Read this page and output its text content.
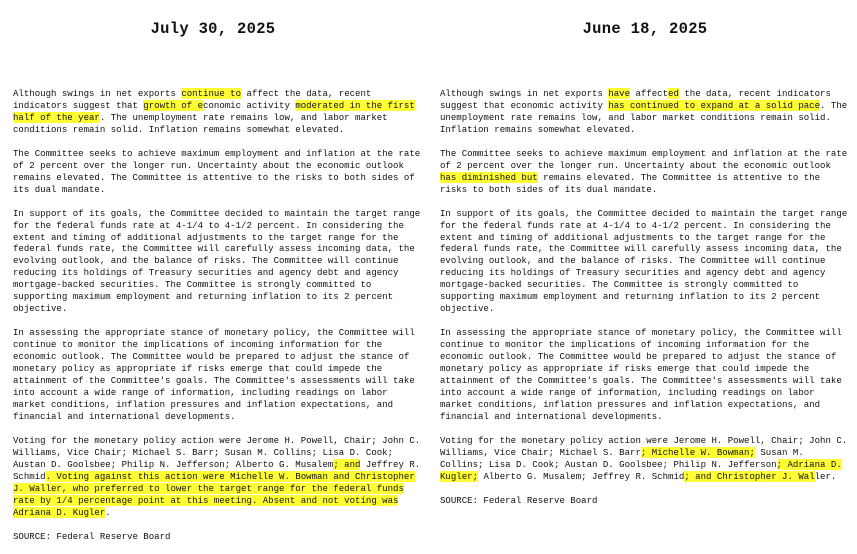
July 30, 2025

Although swings in net exports continue to affect the data, recent indicators suggest that growth of economic activity moderated in the first half of the year. The unemployment rate remains low, and labor market conditions remain solid. Inflation remains somewhat elevated.

The Committee seeks to achieve maximum employment and inflation at the rate of 2 percent over the longer run. Uncertainty about the economic outlook remains elevated. The Committee is attentive to the risks to both sides of its dual mandate.

In support of its goals, the Committee decided to maintain the target range for the federal funds rate at 4-1/4 to 4-1/2 percent. In considering the extent and timing of additional adjustments to the target range for the federal funds rate, the Committee will carefully assess incoming data, the evolving outlook, and the balance of risks. The Committee will continue reducing its holdings of Treasury securities and agency debt and agency mortgage-backed securities. The Committee is strongly committed to supporting maximum employment and returning inflation to its 2 percent objective.

In assessing the appropriate stance of monetary policy, the Committee will continue to monitor the implications of incoming information for the economic outlook. The Committee would be prepared to adjust the stance of monetary policy as appropriate if risks emerge that could impede the attainment of the Committee's goals. The Committee's assessments will take into account a wide range of information, including readings on labor market conditions, inflation pressures and inflation expectations, and financial and international developments.

Voting for the monetary policy action were Jerome H. Powell, Chair; John C. Williams, Vice Chair; Michael S. Barr; Susan M. Collins; Lisa D. Cook; Austan D. Goolsbee; Philip N. Jefferson; Alberto G. Musalem; and Jeffrey R. Schmid. Voting against this action were Michelle W. Bowman and Christopher J. Waller, who preferred to lower the target range for the federal funds rate by 1/4 percentage point at this meeting. Absent and not voting was Adriana D. Kugler.

SOURCE: Federal Reserve Board

June 18, 2025

Although swings in net exports have affected the data, recent indicators suggest that economic activity has continued to expand at a solid pace. The unemployment rate remains low, and labor market conditions remain solid. Inflation remains somewhat elevated.

The Committee seeks to achieve maximum employment and inflation at the rate of 2 percent over the longer run. Uncertainty about the economic outlook has diminished but remains elevated. The Committee is attentive to the risks to both sides of its dual mandate.

In support of its goals, the Committee decided to maintain the target range for the federal funds rate at 4-1/4 to 4-1/2 percent. In considering the extent and timing of additional adjustments to the target range for the federal funds rate, the Committee will carefully assess incoming data, the evolving outlook, and the balance of risks. The Committee will continue reducing its holdings of Treasury securities and agency debt and agency mortgage-backed securities. The Committee is strongly committed to supporting maximum employment and returning inflation to its 2 percent objective.

In assessing the appropriate stance of monetary policy, the Committee will continue to monitor the implications of incoming information for the economic outlook. The Committee would be prepared to adjust the stance of monetary policy as appropriate if risks emerge that could impede the attainment of the Committee's goals. The Committee's assessments will take into account a wide range of information, including readings on labor market conditions, inflation pressures and inflation expectations, and financial and international developments.

Voting for the monetary policy action were Jerome H. Powell, Chair; John C. Williams, Vice Chair; Michael S. Barr; Michelle W. Bowman; Susan M. Collins; Lisa D. Cook; Austan D. Goolsbee; Philip N. Jefferson; Adriana D. Kugler; Alberto G. Musalem; Jeffrey R. Schmid; and Christopher J. Waller.

SOURCE: Federal Reserve Board
